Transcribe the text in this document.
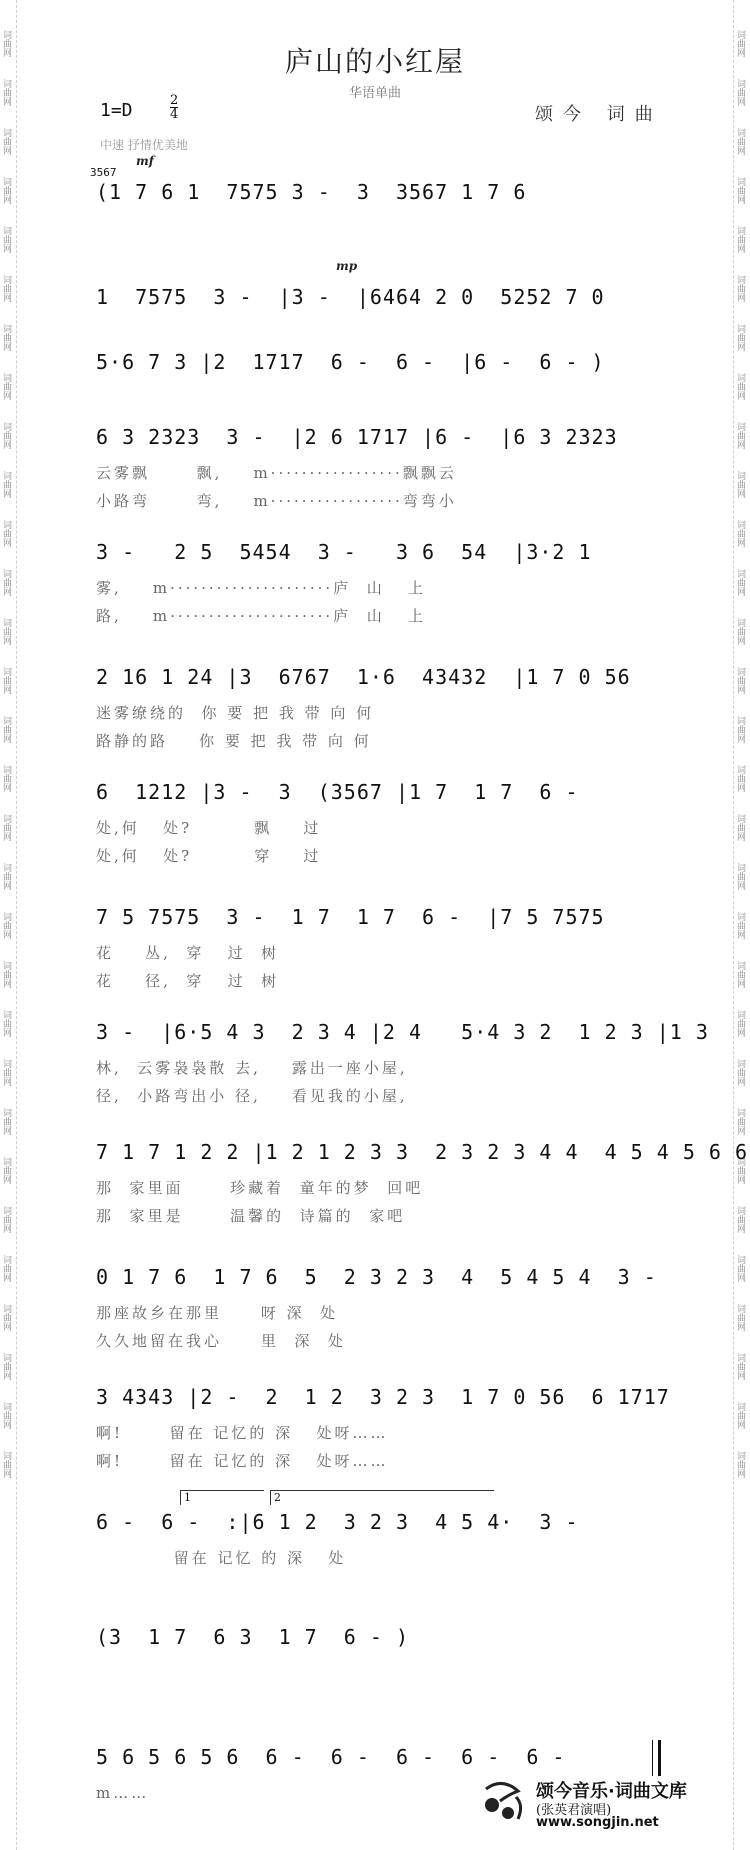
词曲网
词曲网
词曲网
词曲网
词曲网
词曲网
词曲网
词曲网
词曲网
词曲网
词曲网
词曲网
词曲网
词曲网
词曲网
词曲网
词曲网
词曲网
词曲网
词曲网
词曲网
词曲网
词曲网
词曲网
词曲网
词曲网
词曲网
词曲网
词曲网
词曲网
词曲网
词曲网
词曲网
词曲网
词曲网
词曲网
词曲网
词曲网
词曲网
词曲网
词曲网
词曲网
词曲网
词曲网
词曲网
词曲网
词曲网
词曲网
词曲网
词曲网
词曲网
词曲网
词曲网
词曲网
词曲网
词曲网
词曲网
词曲网
词曲网
词曲网
庐山的小红屋
华语单曲
1=D	2
4	颂今 词曲
中速 抒情优美地
(1 7 6 1  7575 3 -  3  3567 1 7 6
3567
mf
1  7575  3 -  |3 -  |6464 2 0  5252 7 0
mp
5·6 7 3 |2  1717  6 -  6 -  |6 -  6 - )
6 3 2323  3 -  |2 6 1717 |6 -  |6 3 2323
云雾飘      飘,    m·················飘飘云
小路弯      弯,    m·················弯弯小
3 -   2 5  5454  3 -   3 6  54  |3·2 1
雾,    m·····················庐  山   上
路,    m·····················庐  山   上
2 16 1 24 |3  6767  1·6  43432  |1 7 0 56
迷雾缭绕的  你 要 把 我 带 向 何
路静的路    你 要 把 我 带 向 何
6  1212 |3 -  3  (3567 |1 7  1 7  6 -
处,何   处?        飘    过
处,何   处?        穿    过
7 5 7575  3 -  1 7  1 7  6 -  |7 5 7575
花    丛,  穿   过  树
花    径,  穿   过  树
3 -  |6·5 4 3  2 3 4 |2 4   5·4 3 2  1 2 3 |1 3
林,  云雾袅袅散 去,    露出一座小屋,
径,  小路弯出小 径,    看见我的小屋,
7 1 7 1 2 2 |1 2 1 2 3 3  2 3 2 3 4 4  4 5 4 5 6 6
那  家里面      珍藏着  童年的梦  回吧
那  家里是      温馨的  诗篇的  家吧
0 1 7 6  1 7 6  5  2 3 2 3  4  5 4 5 4  3 -
那座故乡在那里     呀 深  处
久久地留在我心     里  深  处
3 4343 |2 -  2  1 2  3 2 3  1 7 0 56  6 1717
啊!      留在 记忆的 深   处呀……
啊!      留在 记忆的 深   处呀……
6 -  6 -  :|6 1 2  3 2 3  4 5 4·  3 -
留在 记忆 的 深   处
(3  1 7  6 3  1 7  6 - )
5 6 5 6 5 6  6 -  6 -  6 -  6 -  6 -
m……	颂今音乐·词曲文库
(张英君演唱)
www.songjin.net
1	2
